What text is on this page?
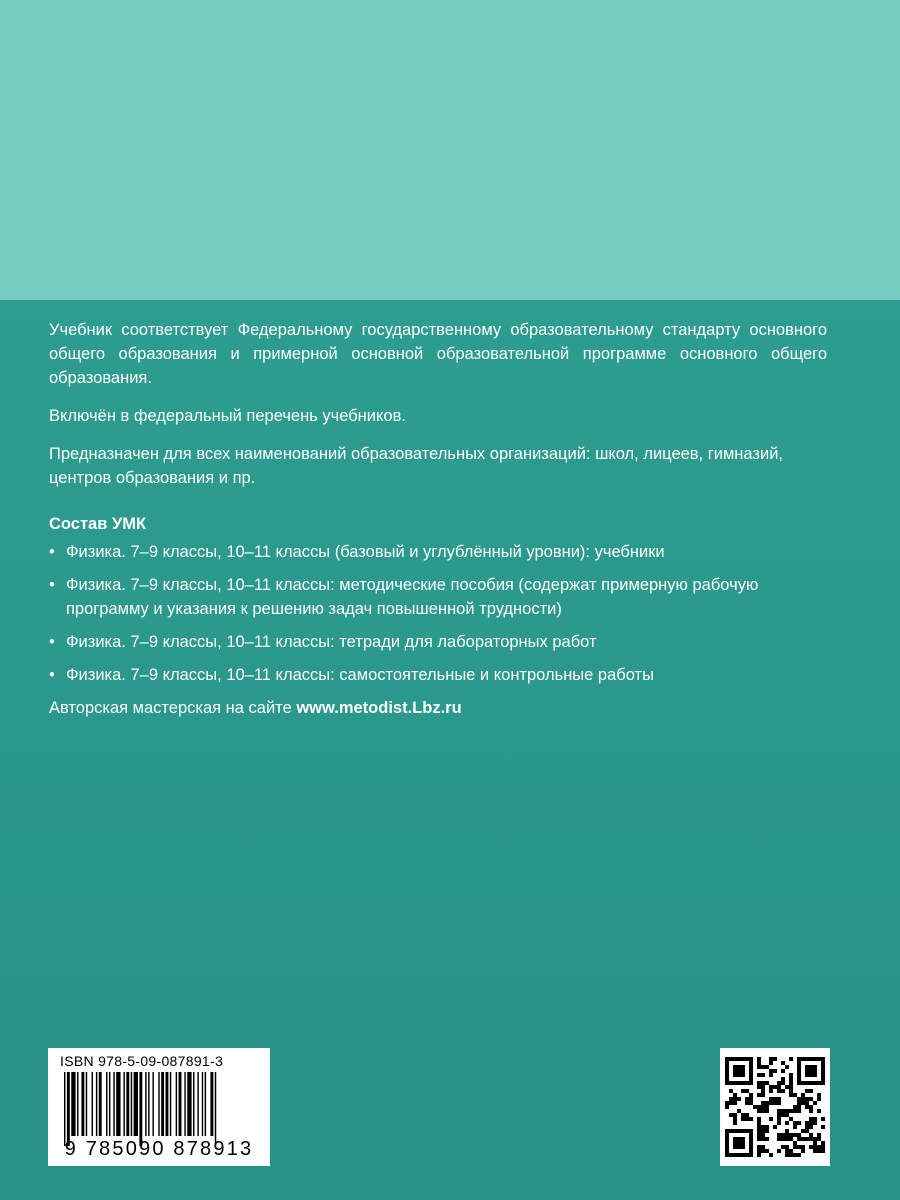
Учебник соответствует Федеральному государственному образовательному стандарту основного общего образования и примерной основной образовательной программе основного общего образования.

Включён в федеральный перечень учебников.

Предназначен для всех наименований образовательных организаций: школ, лицеев, гимназий, центров образования и пр.

Состав УМК
• Физика. 7–9 классы, 10–11 классы (базовый и углублённый уровни): учебники
• Физика. 7–9 классы, 10–11 классы: методические пособия (содержат примерную рабочую программу и указания к решению задач повышенной трудности)
• Физика. 7–9 классы, 10–11 классы: тетради для лабораторных работ
• Физика. 7–9 классы, 10–11 классы: самостоятельные и контрольные работы
Авторская мастерская на сайте www.metodist.Lbz.ru
ISBN 978-5-09-087891-3
9 785090 878913
